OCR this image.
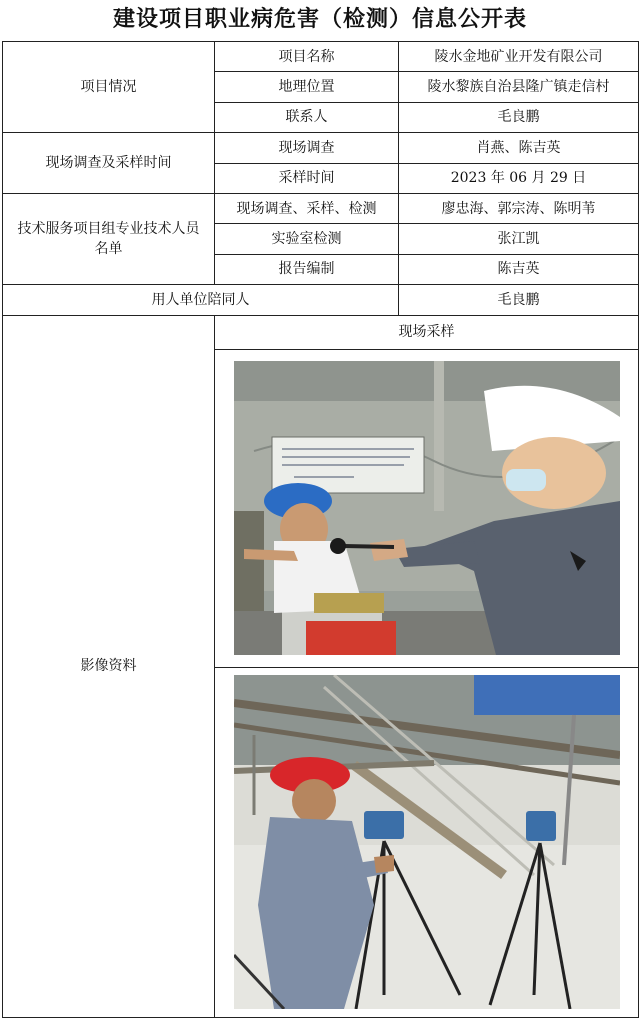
建设项目职业病危害（检测）信息公开表
项目情况	项目名称	陵水金地矿业开发有限公司
	地理位置	陵水黎族自治县隆广镇走信村
	联系人	毛良鹏
现场调查及采样时间	现场调查	肖燕、陈吉英
	采样时间	2023 年 06 月 29 日
技术服务项目组专业技术人员名单	现场调查、采样、检测	廖忠海、郭宗涛、陈明苇
	实验室检测	张江凯
	报告编制	陈吉英
用人单位陪同人		毛良鹏
影像资料	现场采样	
